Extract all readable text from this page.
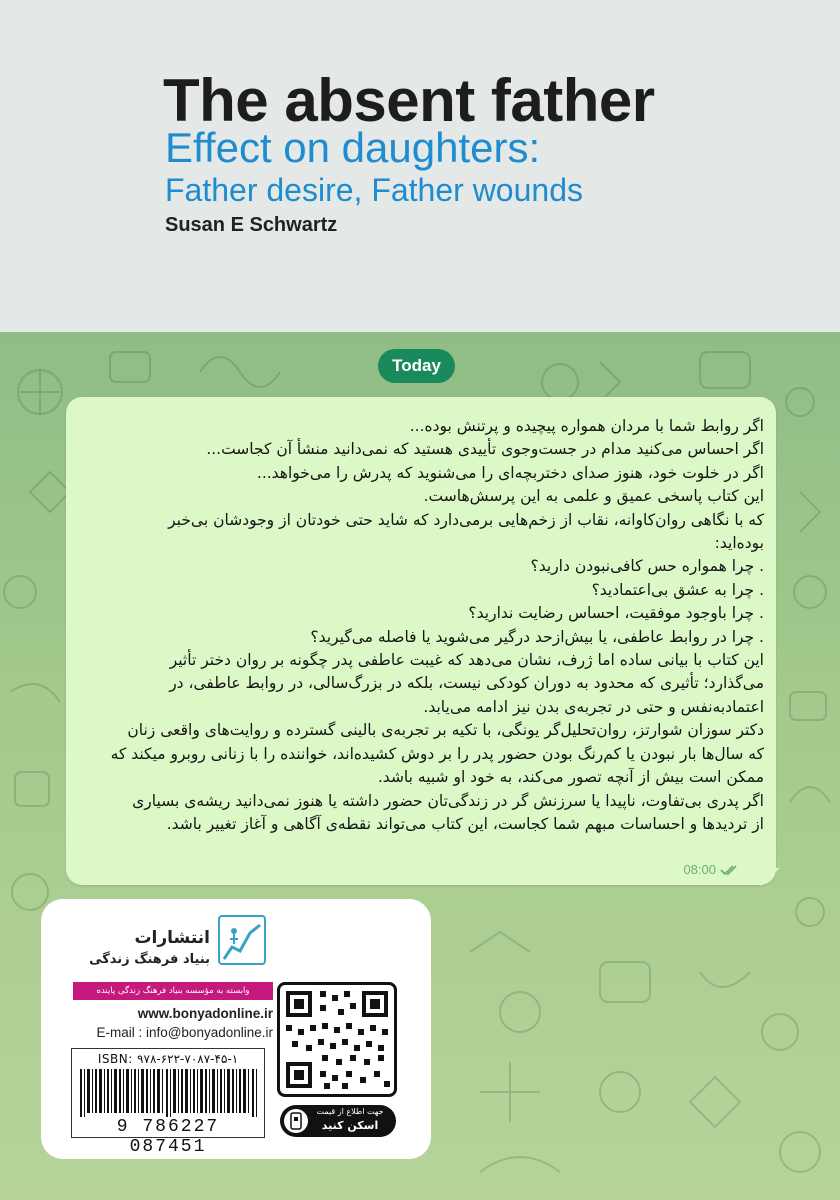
The absent father
Effect on daughters:
Father desire, Father wounds
Susan E Schwartz
Today
اگر روابط شما با مردان همواره پیچیده و پرتنش بوده...
اگر احساس می‌کنید مدام در جست‌وجوی تأییدی هستید که نمی‌دانید منشأ آن کجاست...
اگر در خلوت خود، هنوز صدای دختربچه‌ای را می‌شنوید که پدرش را می‌خواهد...
این کتاب پاسخی عمیق و علمی به این پرسش‌هاست.
که با نگاهی روان‌کاوانه، نقاب از زخم‌هایی برمی‌دارد که شاید حتی خودتان از وجودشان بی‌خبر
بوده‌اید:
. چرا همواره حس کافی‌نبودن دارید؟
. چرا به عشق بی‌اعتمادید؟
. چرا باوجود موفقیت، احساس رضایت ندارید؟
. چرا در روابط عاطفی، یا بیش‌ازحد درگیر می‌شوید یا فاصله می‌گیرید؟
این کتاب با بیانی ساده اما ژرف، نشان می‌دهد که غیبت عاطفی پدر چگونه بر روان دختر تأثیر
می‌گذارد؛ تأثیری که محدود به دوران کودکی نیست، بلکه در بزرگ‌سالی، در روابط عاطفی، در
اعتمادبه‌نفس و حتی در تجربه‌ی بدن نیز ادامه می‌یابد.
دکتر سوزان شوارتز، روان‌تحلیل‌گر یونگی، با تکیه بر تجربه‌ی بالینی گسترده و روایت‌های واقعی زنان
که سال‌ها بار نبودن یا کم‌رنگ بودن حضور پدر را بر دوش کشیده‌اند، خواننده را با زنانی روبرو میکند که
ممکن است بیش از آنچه تصور می‌کند، به خود او شبیه باشد.
اگر پدری بی‌تفاوت، ناپیدا یا سرزنش گر در زندگی‌تان حضور داشته یا هنوز نمی‌دانید ریشه‌ی بسیاری
از تردیدها و احساسات مبهم شما کجاست، این کتاب می‌تواند نقطه‌ی آگاهی و آغاز تغییر باشد.
08:00
انتشارات
بنیاد فرهنگ زندگی
وابسته به مؤسسه بنیاد فرهنگ زندگی پاینده
www.bonyadonline.ir
E-mail : info@bonyadonline.ir
ISBN: ۹۷۸-۶۲۲-۷۰۸۷-۴۵-۱
9 786227 087451
جهت اطلاع از قیمت
اسکن کنید
